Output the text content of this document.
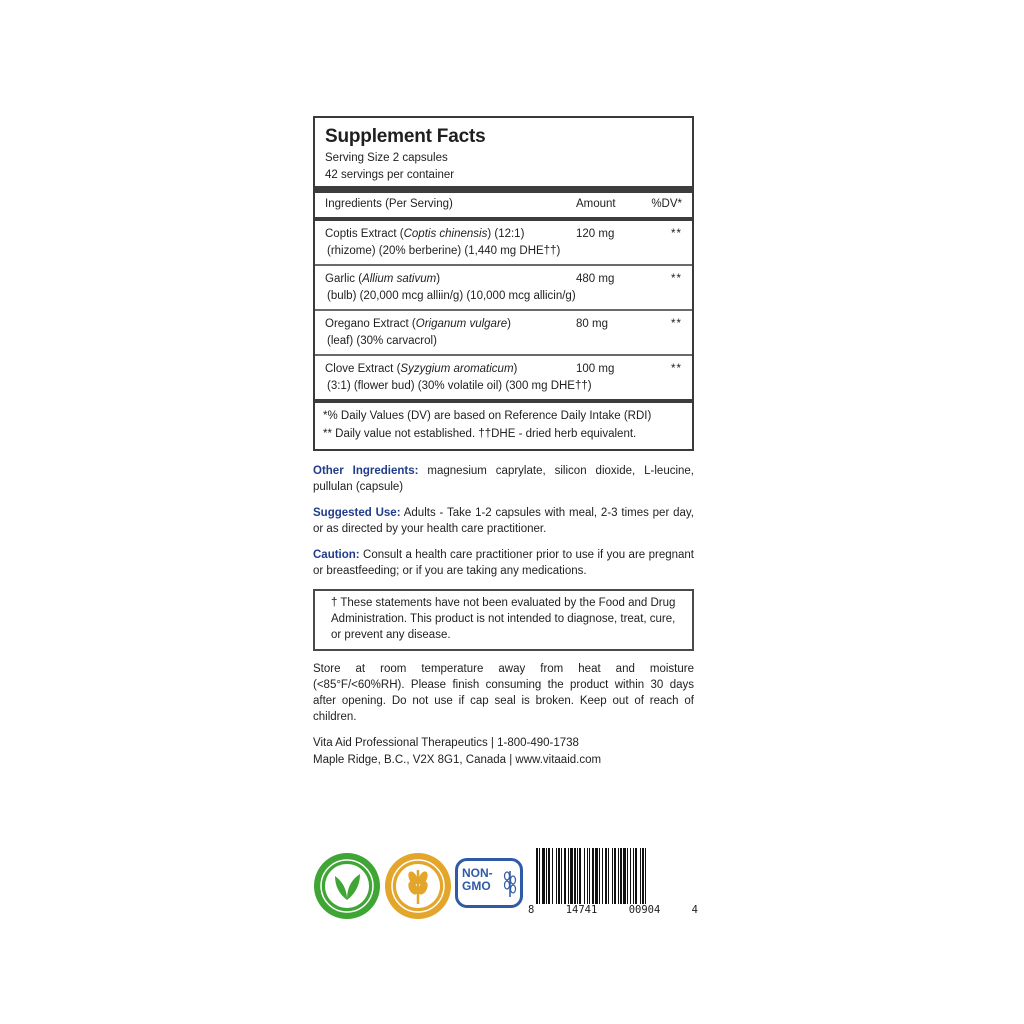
Supplement Facts
Serving Size 2 capsules
42 servings per container
Ingredients (Per Serving)	Amount	%DV*
Coptis Extract (Coptis chinensis) (12:1)	120 mg	**
(rhizome) (20% berberine) (1,440 mg DHE††)
Garlic (Allium sativum)	480 mg	**
(bulb) (20,000 mcg alliin/g) (10,000 mcg allicin/g)
Oregano Extract (Origanum vulgare)	80 mg	**
(leaf) (30% carvacrol)
Clove Extract (Syzygium aromaticum)	100 mg	**
(3:1) (flower bud) (30% volatile oil) (300 mg DHE††)
*% Daily Values (DV) are based on Reference Daily Intake (RDI)
** Daily value not established. ††DHE - dried herb equivalent.
Other Ingredients: magnesium caprylate, silicon dioxide, L-leucine, pullulan (capsule)
Suggested Use: Adults - Take 1-2 capsules with meal, 2-3 times per day, or as directed by your health care practitioner.
Caution: Consult a health care practitioner prior to use if you are pregnant or breastfeeding; or if you are taking any medications.
† These statements have not been evaluated by the Food and Drug Administration. This product is not intended to diagnose, treat, cure, or prevent any disease.
Store at room temperature away from heat and moisture (<85°F/<60%RH). Please finish consuming the product within 30 days after opening. Do not use if cap seal is broken. Keep out of reach of children.
Vita Aid Professional Therapeutics | 1-800-490-1738
Maple Ridge, B.C., V2X 8G1, Canada | www.vitaaid.com
NON-
GMO
8	14741	00904	4
